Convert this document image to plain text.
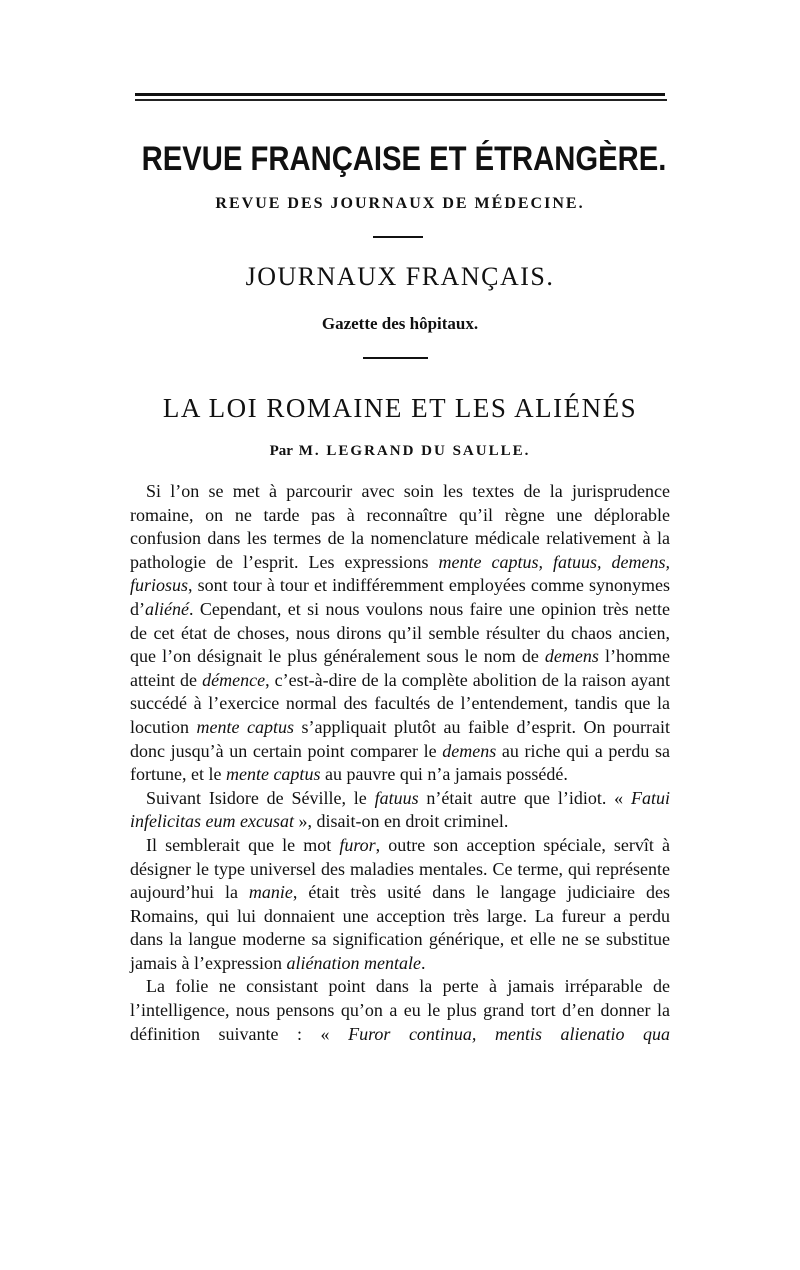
REVUE FRANÇAISE ET ÉTRANGÈRE.
REVUE DES JOURNAUX DE MÉDECINE.
JOURNAUX FRANÇAIS.
Gazette des hôpitaux.
LA LOI ROMAINE ET LES ALIÉNÉS
Par M. LEGRAND DU SAULLE.

Si l’on se met à parcourir avec soin les textes de la jurisprudence romaine, on ne tarde pas à reconnaître qu’il règne une déplorable confusion dans les termes de la nomenclature médicale relativement à la pathologie de l’esprit. Les expressions mente captus, fatuus, demens, furiosus, sont tour à tour et indifféremment employées comme synonymes d’aliéné. Cependant, et si nous voulons nous faire une opinion très nette de cet état de choses, nous dirons qu’il semble résulter du chaos ancien, que l’on désignait le plus généralement sous le nom de demens l’homme atteint de démence, c’est-à-dire de la complète abolition de la raison ayant succédé à l’exercice normal des facultés de l’entendement, tandis que la locution mente captus s’appliquait plutôt au faible d’esprit. On pourrait donc jusqu’à un certain point comparer le demens au riche qui a perdu sa fortune, et le mente captus au pauvre qui n’a jamais possédé.

Suivant Isidore de Séville, le fatuus n’était autre que l’idiot. « Fatui infelicitas eum excusat », disait-on en droit criminel.

Il semblerait que le mot furor, outre son acception spéciale, servît à désigner le type universel des maladies mentales. Ce terme, qui représente aujourd’hui la manie, était très usité dans le langage judiciaire des Romains, qui lui donnaient une acception très large. La fureur a perdu dans la langue moderne sa signification générique, et elle ne se substitue jamais à l’expression aliénation mentale.

La folie ne consistant point dans la perte à jamais irréparable de l’intelligence, nous pensons qu’on a eu le plus grand tort d’en donner la définition suivante : « Furor continua, mentis alienatio qua
